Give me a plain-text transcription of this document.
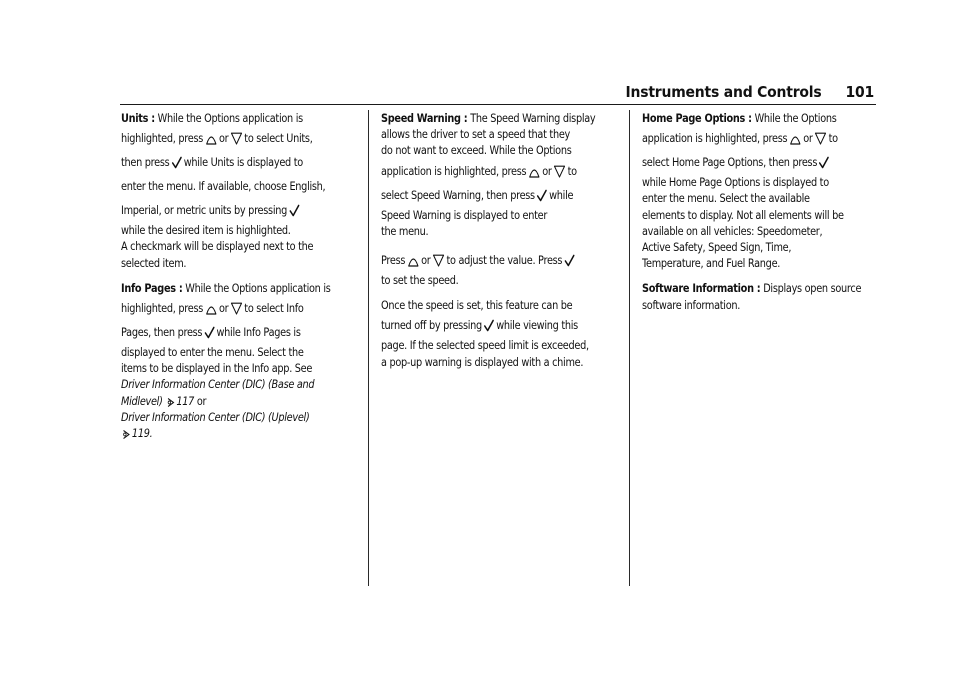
Instruments and Controls 101
Units : While the Options application is
highlighted, press or to select Units,
then press while Units is displayed to
enter the menu. If available, choose English,
Imperial, or metric units by pressing
while the desired item is highlighted.
A checkmark will be displayed next to the
selected item.
Info Pages : While the Options application is
highlighted, press or to select Info
Pages, then press while Info Pages is
displayed to enter the menu. Select the
items to be displayed in the Info app. See
Driver Information Center (DIC) (Base and
Midlevel) 117 or
Driver Information Center (DIC) (Uplevel)
119.
Speed Warning : The Speed Warning display
allows the driver to set a speed that they
do not want to exceed. While the Options
application is highlighted, press or to
select Speed Warning, then press while
Speed Warning is displayed to enter
the menu.
Press or to adjust the value. Press
to set the speed.
Once the speed is set, this feature can be
turned off by pressing while viewing this
page. If the selected speed limit is exceeded,
a pop-up warning is displayed with a chime.
Home Page Options : While the Options
application is highlighted, press or to
select Home Page Options, then press
while Home Page Options is displayed to
enter the menu. Select the available
elements to display. Not all elements will be
available on all vehicles: Speedometer,
Active Safety, Speed Sign, Time,
Temperature, and Fuel Range.
Software Information : Displays open source
software information.
